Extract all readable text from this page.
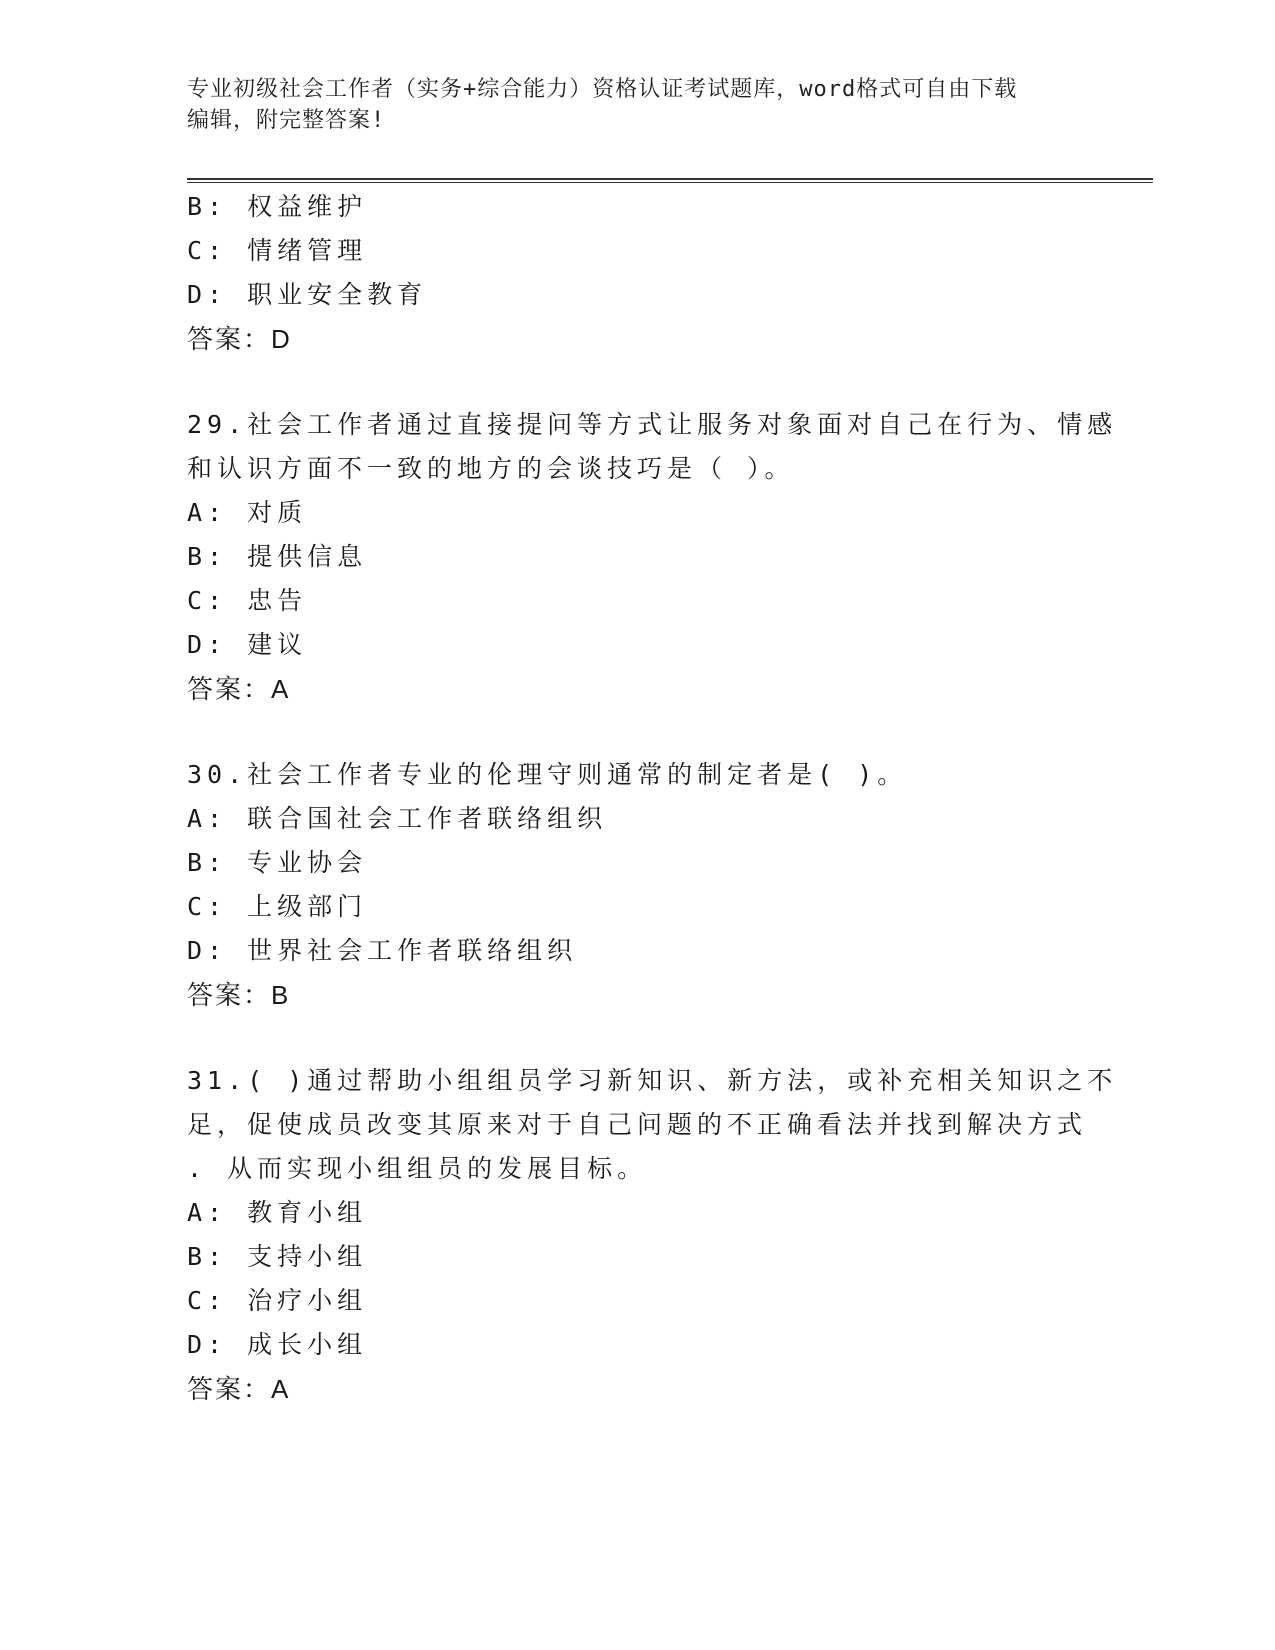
专业初级社会工作者（实务+综合能力）资格认证考试题库，word格式可自由下载
编辑，附完整答案!
B: 权益维护
C: 情绪管理
D: 职业安全教育
答案：D
29.社会工作者通过直接提问等方式让服务对象面对自己在行为、情感
和认识方面不一致的地方的会谈技巧是（ ）。
A: 对质
B: 提供信息
C: 忠告
D: 建议
答案：A
30.社会工作者专业的伦理守则通常的制定者是( )。
A: 联合国社会工作者联络组织
B: 专业协会
C: 上级部门
D: 世界社会工作者联络组织
答案：B
31.( )通过帮助小组组员学习新知识、新方法，或补充相关知识之不
足，促使成员改变其原来对于自己问题的不正确看法并找到解决方式
. 从而实现小组组员的发展目标。
A: 教育小组
B: 支持小组
C: 治疗小组
D: 成长小组
答案：A
